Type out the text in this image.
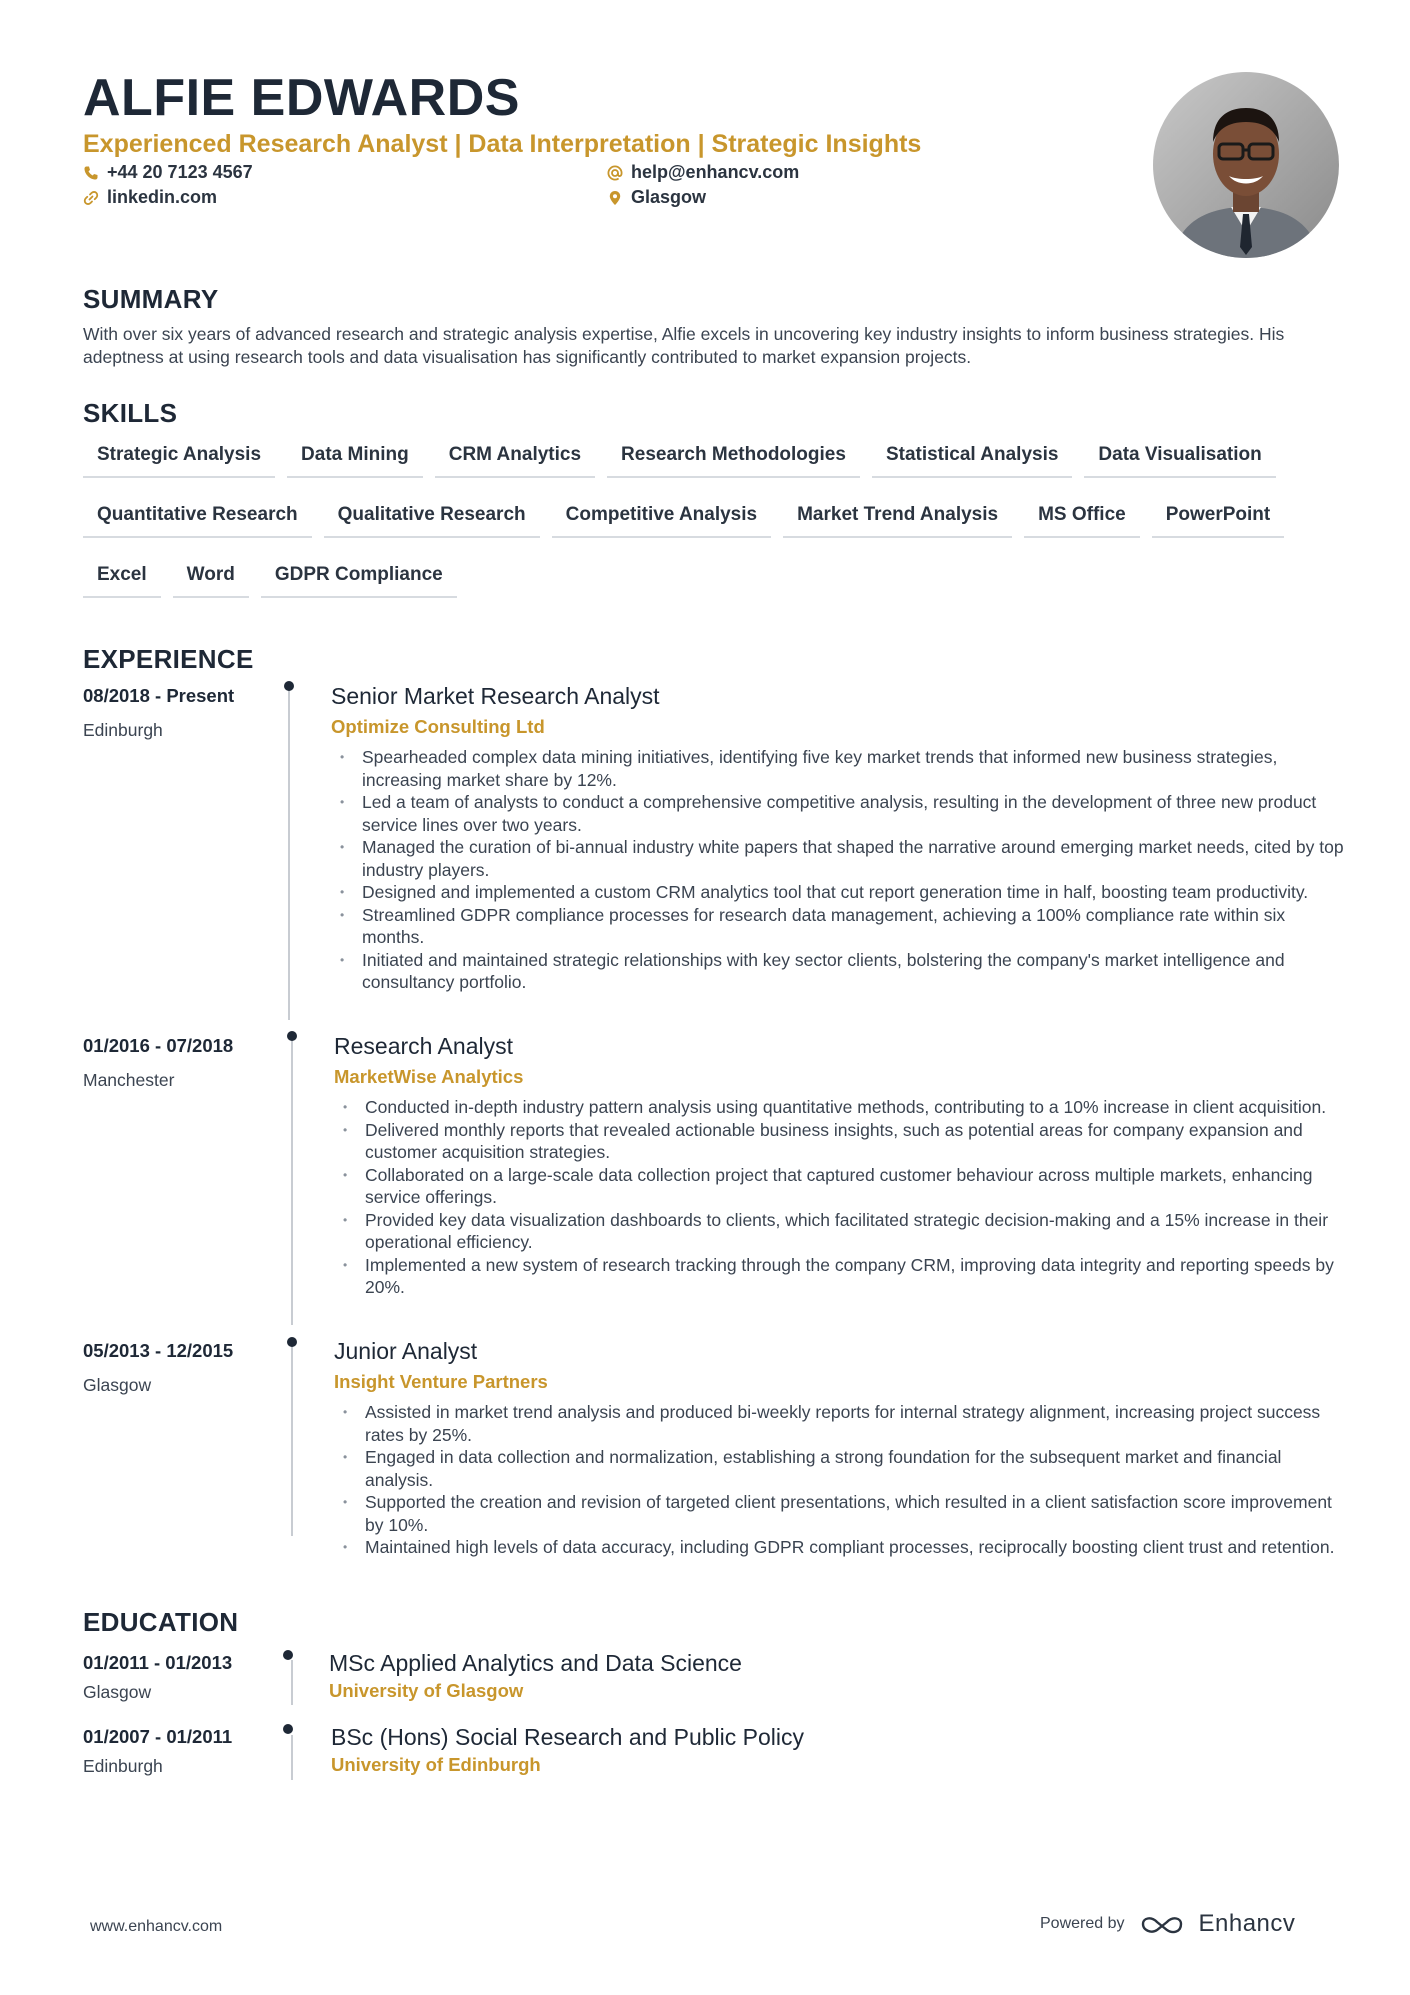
ALFIE EDWARDS
Experienced Research Analyst | Data Interpretation | Strategic Insights
+44 20 7123 4567	help@enhancv.com
linkedin.com	Glasgow
SUMMARY
With over six years of advanced research and strategic analysis expertise, Alfie excels in uncovering key industry insights to inform business strategies. His adeptness at using research tools and data visualisation has significantly contributed to market expansion projects.
SKILLS
Strategic Analysis	Data Mining	CRM Analytics	Research Methodologies	Statistical Analysis	Data Visualisation
Quantitative Research	Qualitative Research	Competitive Analysis	Market Trend Analysis	MS Office	PowerPoint
Excel	Word	GDPR Compliance
EXPERIENCE
08/2018 - Present
Edinburgh
Senior Market Research Analyst
Optimize Consulting Ltd
• Spearheaded complex data mining initiatives, identifying five key market trends that informed new business strategies, increasing market share by 12%.
• Led a team of analysts to conduct a comprehensive competitive analysis, resulting in the development of three new product service lines over two years.
• Managed the curation of bi-annual industry white papers that shaped the narrative around emerging market needs, cited by top industry players.
• Designed and implemented a custom CRM analytics tool that cut report generation time in half, boosting team productivity.
• Streamlined GDPR compliance processes for research data management, achieving a 100% compliance rate within six months.
• Initiated and maintained strategic relationships with key sector clients, bolstering the company's market intelligence and consultancy portfolio.
01/2016 - 07/2018
Manchester
Research Analyst
MarketWise Analytics
• Conducted in-depth industry pattern analysis using quantitative methods, contributing to a 10% increase in client acquisition.
• Delivered monthly reports that revealed actionable business insights, such as potential areas for company expansion and customer acquisition strategies.
• Collaborated on a large-scale data collection project that captured customer behaviour across multiple markets, enhancing service offerings.
• Provided key data visualization dashboards to clients, which facilitated strategic decision-making and a 15% increase in their operational efficiency.
• Implemented a new system of research tracking through the company CRM, improving data integrity and reporting speeds by 20%.
05/2013 - 12/2015
Glasgow
Junior Analyst
Insight Venture Partners
• Assisted in market trend analysis and produced bi-weekly reports for internal strategy alignment, increasing project success rates by 25%.
• Engaged in data collection and normalization, establishing a strong foundation for the subsequent market and financial analysis.
• Supported the creation and revision of targeted client presentations, which resulted in a client satisfaction score improvement by 10%.
• Maintained high levels of data accuracy, including GDPR compliant processes, reciprocally boosting client trust and retention.
EDUCATION
01/2011 - 01/2013
Glasgow
MSc Applied Analytics and Data Science
University of Glasgow
01/2007 - 01/2011
Edinburgh
BSc (Hons) Social Research and Public Policy
University of Edinburgh
www.enhancv.com	Powered by	Enhancv
